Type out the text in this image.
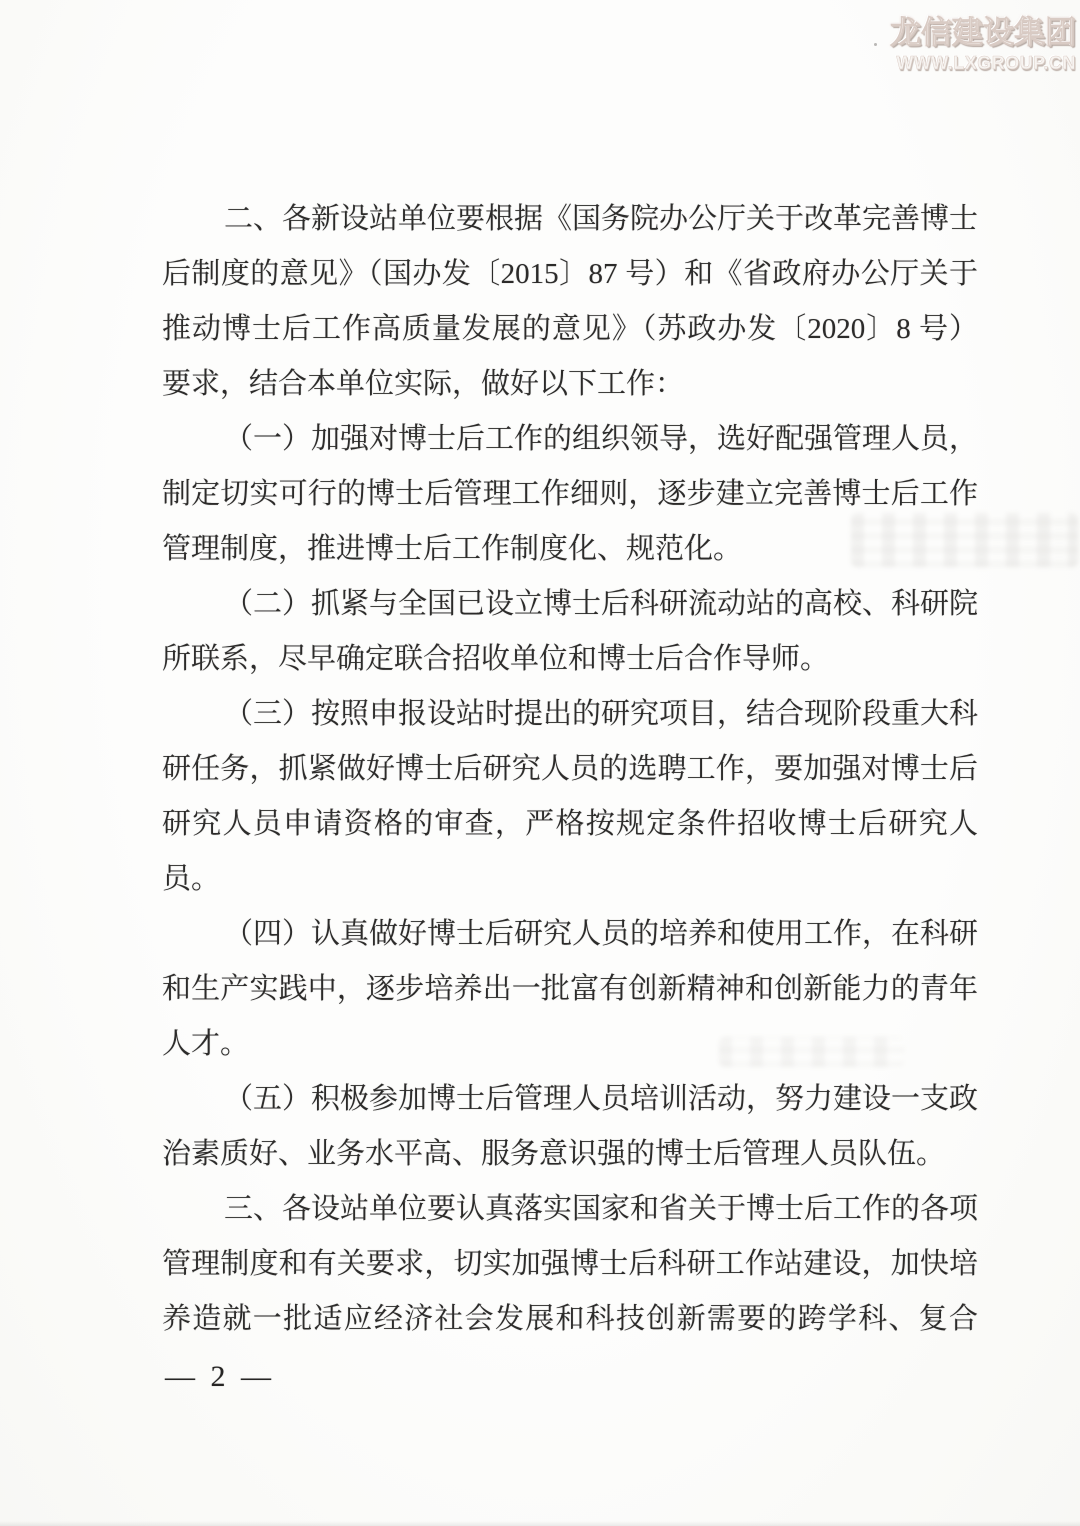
龙信建设集团
WWW.LXGROUP.CN
二、各新设站单位要根据《国务院办公厅关于改革完善博士
后制度的意见》（国办发〔2015〕87 号）和《省政府办公厅关于
推动博士后工作高质量发展的意见》（苏政办发〔2020〕8 号）
要求，结合本单位实际，做好以下工作：
（一）加强对博士后工作的组织领导，选好配强管理人员，
制定切实可行的博士后管理工作细则，逐步建立完善博士后工作
管理制度，推进博士后工作制度化、规范化。
（二）抓紧与全国已设立博士后科研流动站的高校、科研院
所联系，尽早确定联合招收单位和博士后合作导师。
（三）按照申报设站时提出的研究项目，结合现阶段重大科
研任务，抓紧做好博士后研究人员的选聘工作，要加强对博士后
研究人员申请资格的审查，严格按规定条件招收博士后研究人
员。
（四）认真做好博士后研究人员的培养和使用工作，在科研
和生产实践中，逐步培养出一批富有创新精神和创新能力的青年
人才。
（五）积极参加博士后管理人员培训活动，努力建设一支政
治素质好、业务水平高、服务意识强的博士后管理人员队伍。
三、各设站单位要认真落实国家和省关于博士后工作的各项
管理制度和有关要求，切实加强博士后科研工作站建设，加快培
养造就一批适应经济社会发展和科技创新需要的跨学科、复合
— 2 —
